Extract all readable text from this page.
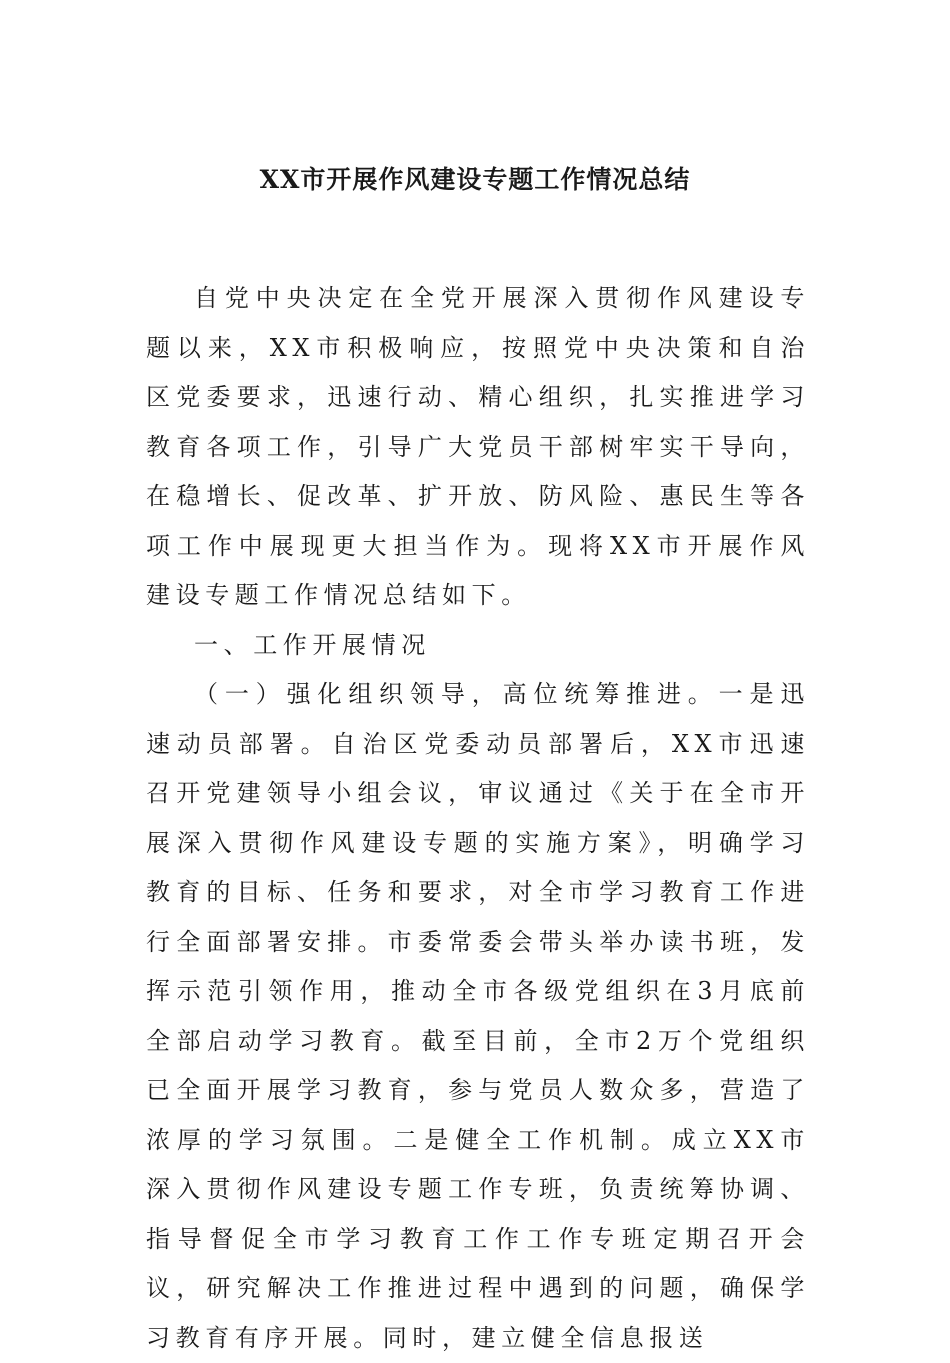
XX市开展作风建设专题工作情况总结

自党中央决定在全党开展深入贯彻作风建设专题以来，XX市积极响应，按照党中央决策和自治区党委要求，迅速行动、精心组织，扎实推进学习教育各项工作，引导广大党员干部树牢实干导向，在稳增长、促改革、扩开放、防风险、惠民生等各项工作中展现更大担当作为。现将XX市开展作风建设专题工作情况总结如下。

一、工作开展情况

（一）强化组织领导，高位统筹推进。一是迅速动员部署。自治区党委动员部署后，XX市迅速召开党建领导小组会议，审议通过《关于在全市开展深入贯彻作风建设专题的实施方案》，明确学习教育的目标、任务和要求，对全市学习教育工作进行全面部署安排。市委常委会带头举办读书班，发挥示范引领作用，推动全市各级党组织在3月底前全部启动学习教育。截至目前，全市2万个党组织已全面开展学习教育，参与党员人数众多，营造了浓厚的学习氛围。二是健全工作机制。成立XX市深入贯彻作风建设专题工作专班，负责统筹协调、指导督促全市学习教育工作工作专班定期召开会议，研究解决工作推进过程中遇到的问题，确保学习教育有序开展。同时，建立健全信息报送
